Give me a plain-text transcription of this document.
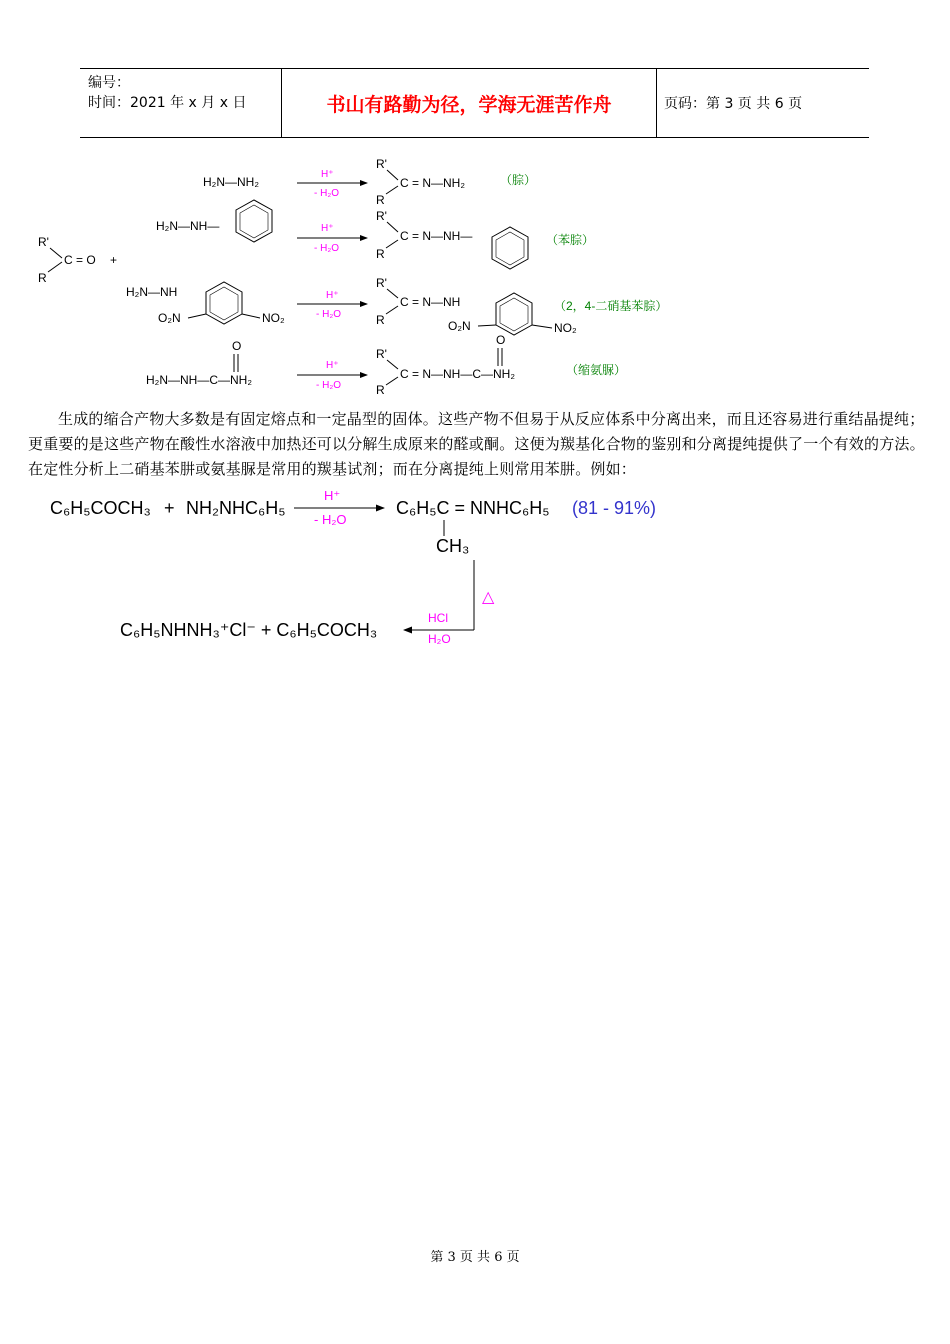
编号：
时间：2021 年 x 月 x 日	书山有路勤为径，学海无涯苦作舟	页码：第 3 页 共 6 页
R'
R
C = O +
H₂N—NH₂
H⁺
- H₂O
R'
R
C = N—NH₂	（腙）
H₂N—NH—	H⁺
- H₂O
R'
R
C = N—NH—	（苯腙）
H₂N—NH
O₂N	NO₂
H⁺
- H₂O
R'
R
C = N—NH
O₂N	NO₂
（2，4-二硝基苯腙）
O
H₂N—NH—C—NH₂
H⁺
- H₂O
R'
R
O
C = N—NH—C—NH₂	（缩氨脲）
生成的缩合产物大多数是有固定熔点和一定晶型的固体。这些产物不但易于从反应体系中分离出来，而且还容易进行重结晶提纯；更重要的是这些产物在酸性水溶液中加热还可以分解生成原来的醛或酮。这便为羰基化合物的鉴别和分离提纯提供了一个有效的方法。在定性分析上二硝基苯肼或氨基脲是常用的羰基试剂；而在分离提纯上则常用苯肼。例如：
C₆H₅COCH₃ + NH₂NHC₆H₅
H⁺
- H₂O
C₆H₅C = NNHC₆H₅
CH₃
(81 - 91%)
△
HCl
H₂O
C₆H₅NHNH₃⁺Cl⁻ + C₆H₅COCH₃
第 3 页 共 6 页
